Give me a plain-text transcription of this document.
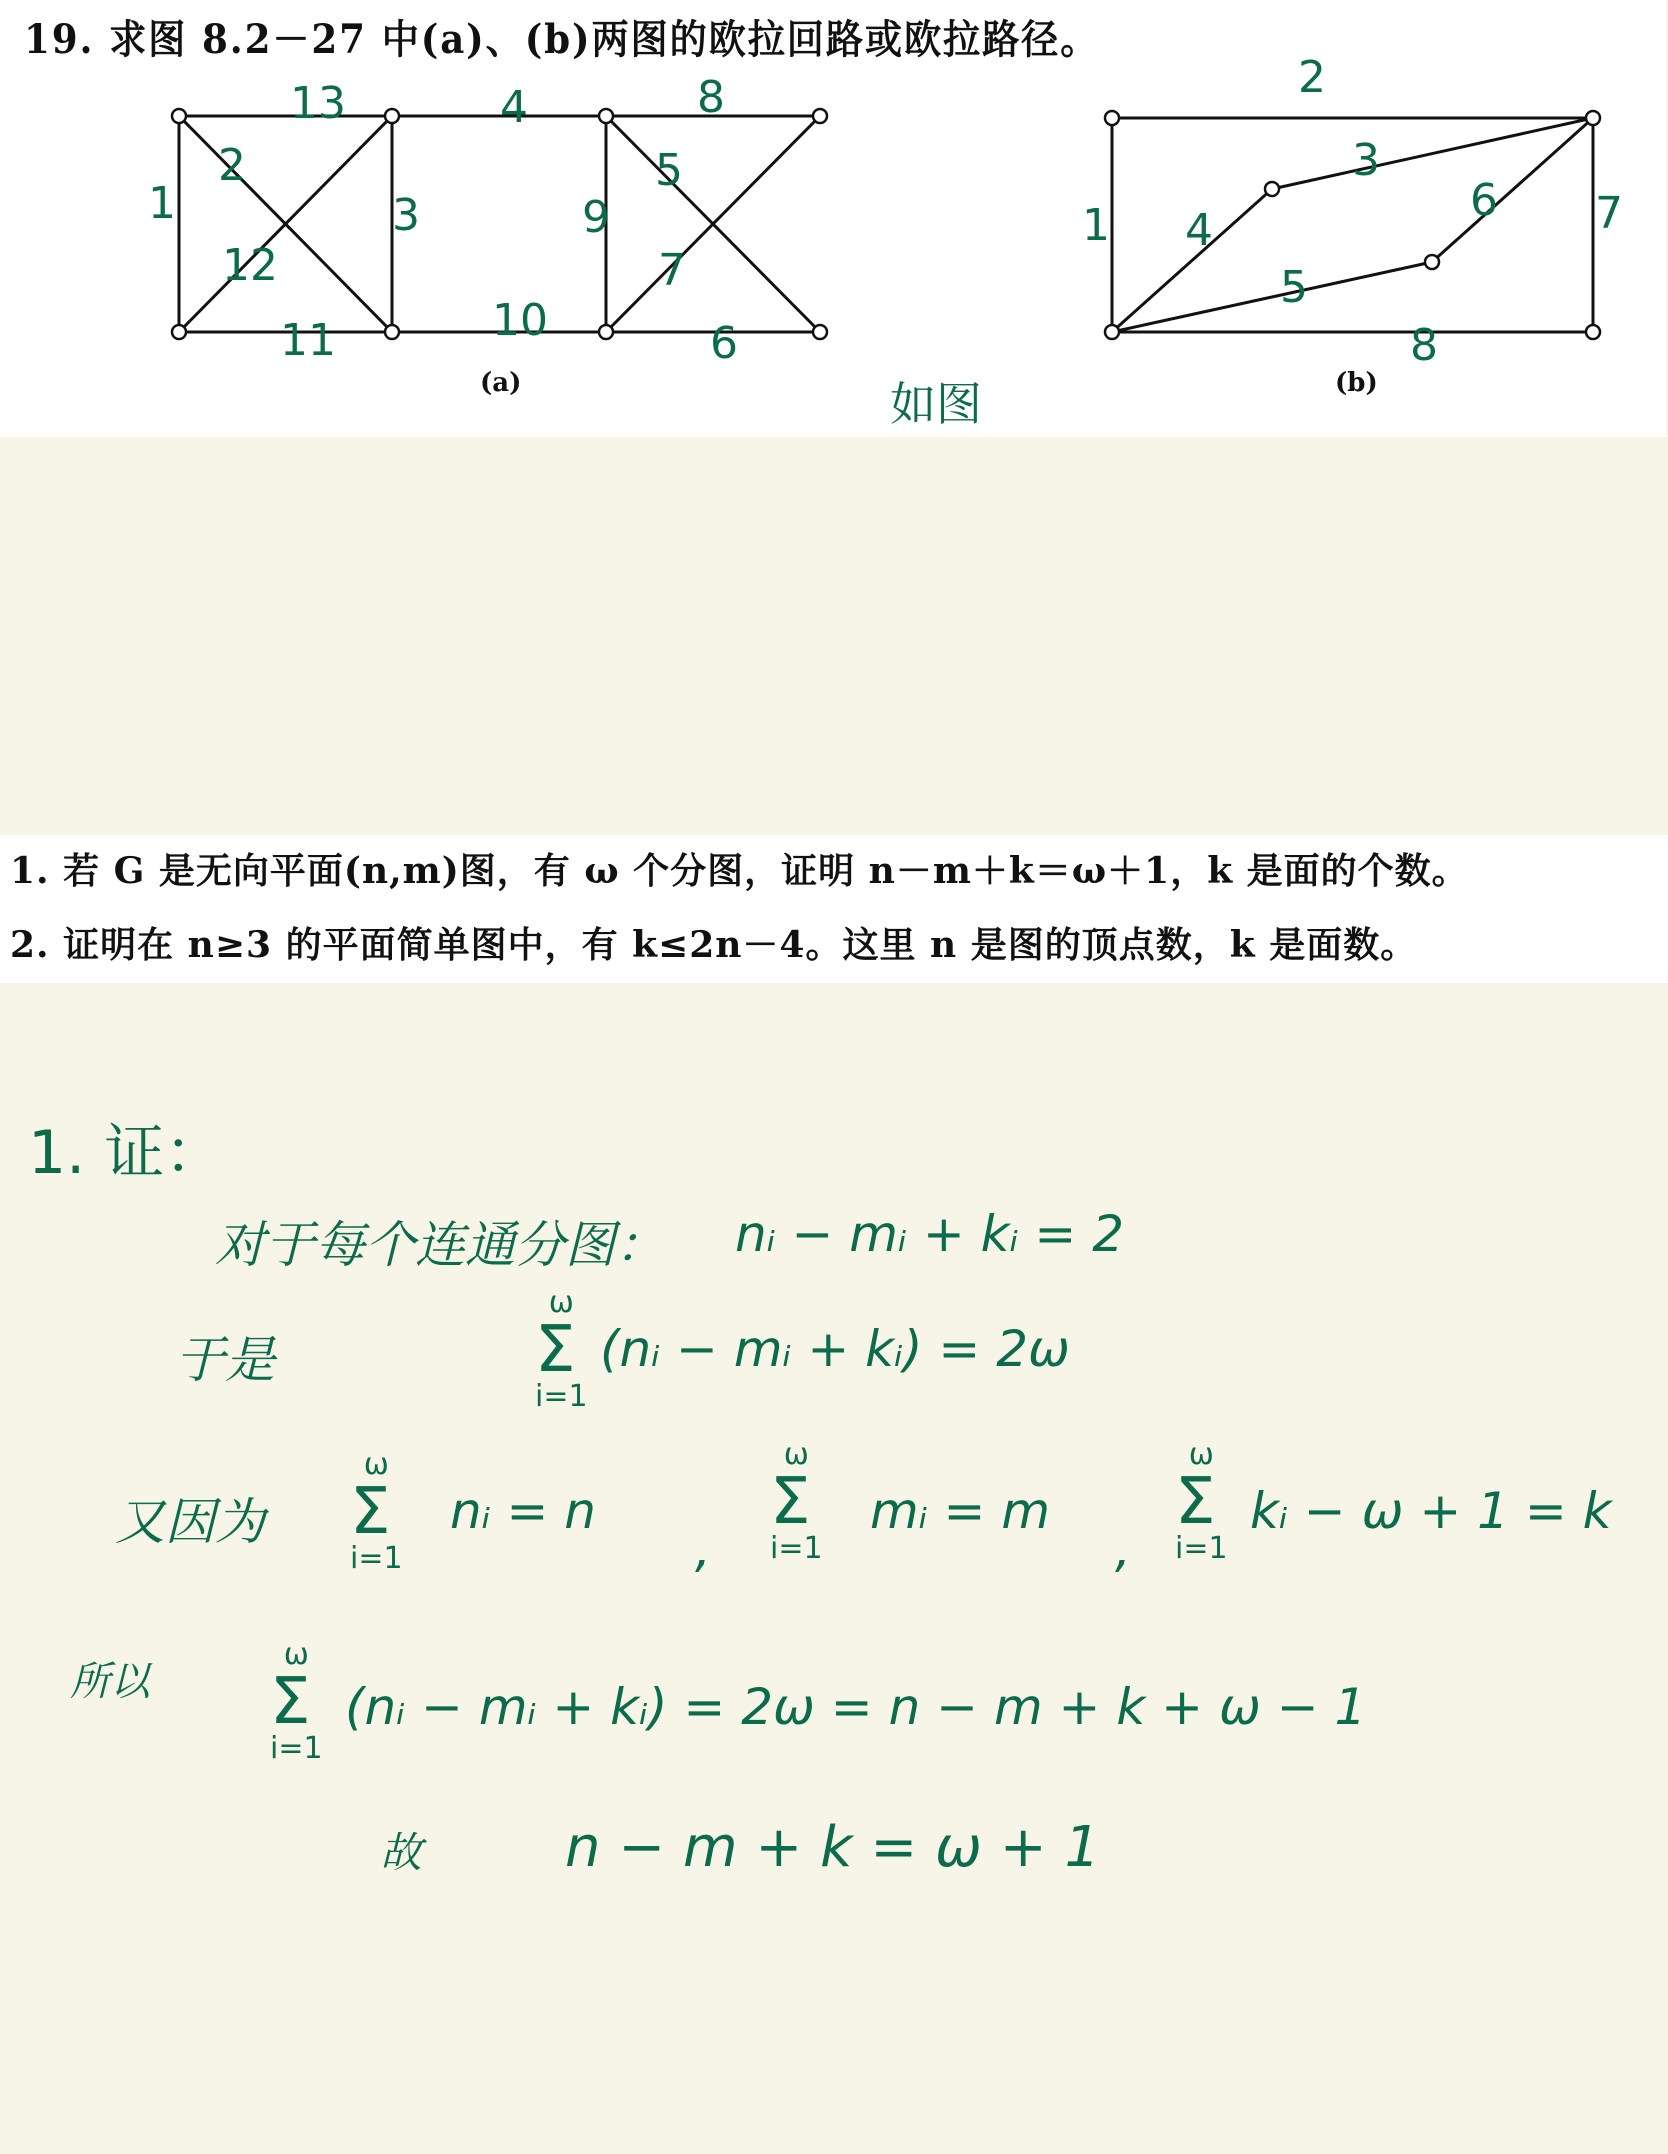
19. 求图 8.2－27 中(a)、(b)两图的欧拉回路或欧拉路径。
(a)	(b)
13	4	8
2
1	3	9
5
12	7
11	10	6
2
1
3
4
6 7
5
8
如图
1. 若 G 是无向平面(n,m)图，有 ω 个分图，证明 n－m＋k＝ω＋1，k 是面的个数。
2. 证明在 n≥3 的平面简单图中，有 k≤2n－4。这里 n 是图的顶点数，k 是面数。
1. 证：
对于每个连通分图： nᵢ − mᵢ + kᵢ = 2
于是
ω
Σ
i=1
(nᵢ − mᵢ + kᵢ) = 2ω
又因为
ω
Σ
i=1
nᵢ = n
,
ω
Σ
i=1
mᵢ = m
,
ω
Σ
i=1
kᵢ − ω + 1 = k
所以
ω
Σ
i=1
(nᵢ − mᵢ + kᵢ) = 2ω = n − m + k + ω − 1
故	n − m + k = ω + 1
